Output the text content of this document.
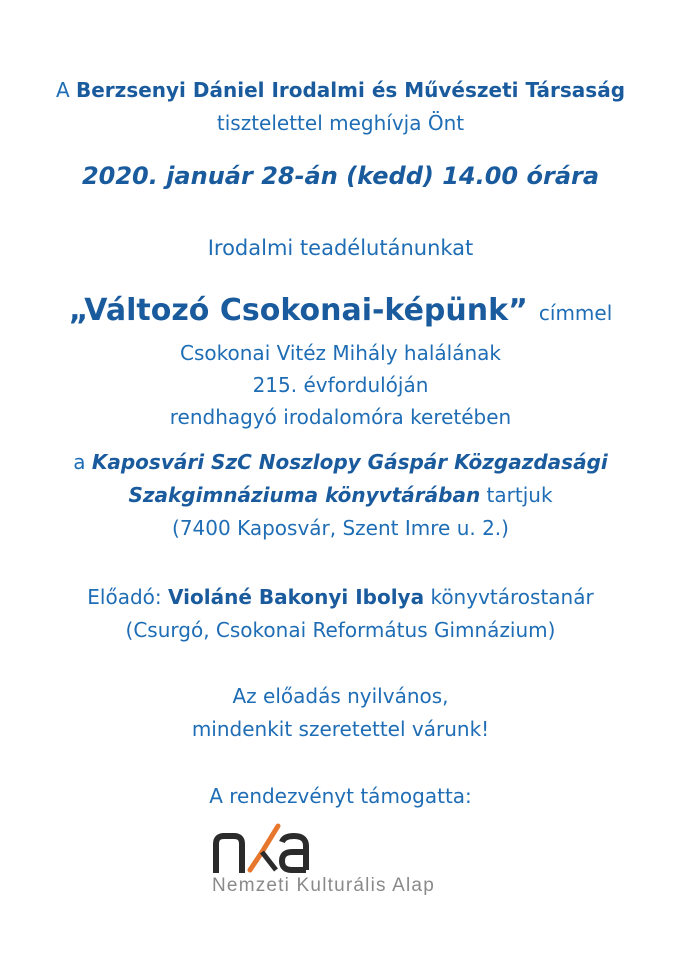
A Berzsenyi Dániel Irodalmi és Művészeti Társaság
tisztelettel meghívja Önt
2020. január 28-án (kedd) 14.00 órára
Irodalmi teadélutánunkat
„Változó Csokonai-képünk” címmel
Csokonai Vitéz Mihály halálának
215. évfordulóján
rendhagyó irodalomóra keretében
a Kaposvári SzC Noszlopy Gáspár Közgazdasági
Szakgimnáziuma könyvtárában tartjuk
(7400 Kaposvár, Szent Imre u. 2.)
Előadó: Violáné Bakonyi Ibolya könyvtárostanár
(Csurgó, Csokonai Református Gimnázium)
Az előadás nyilvános,
mindenkit szeretettel várunk!
A rendezvényt támogatta:
Nemzeti Kulturális Alap
